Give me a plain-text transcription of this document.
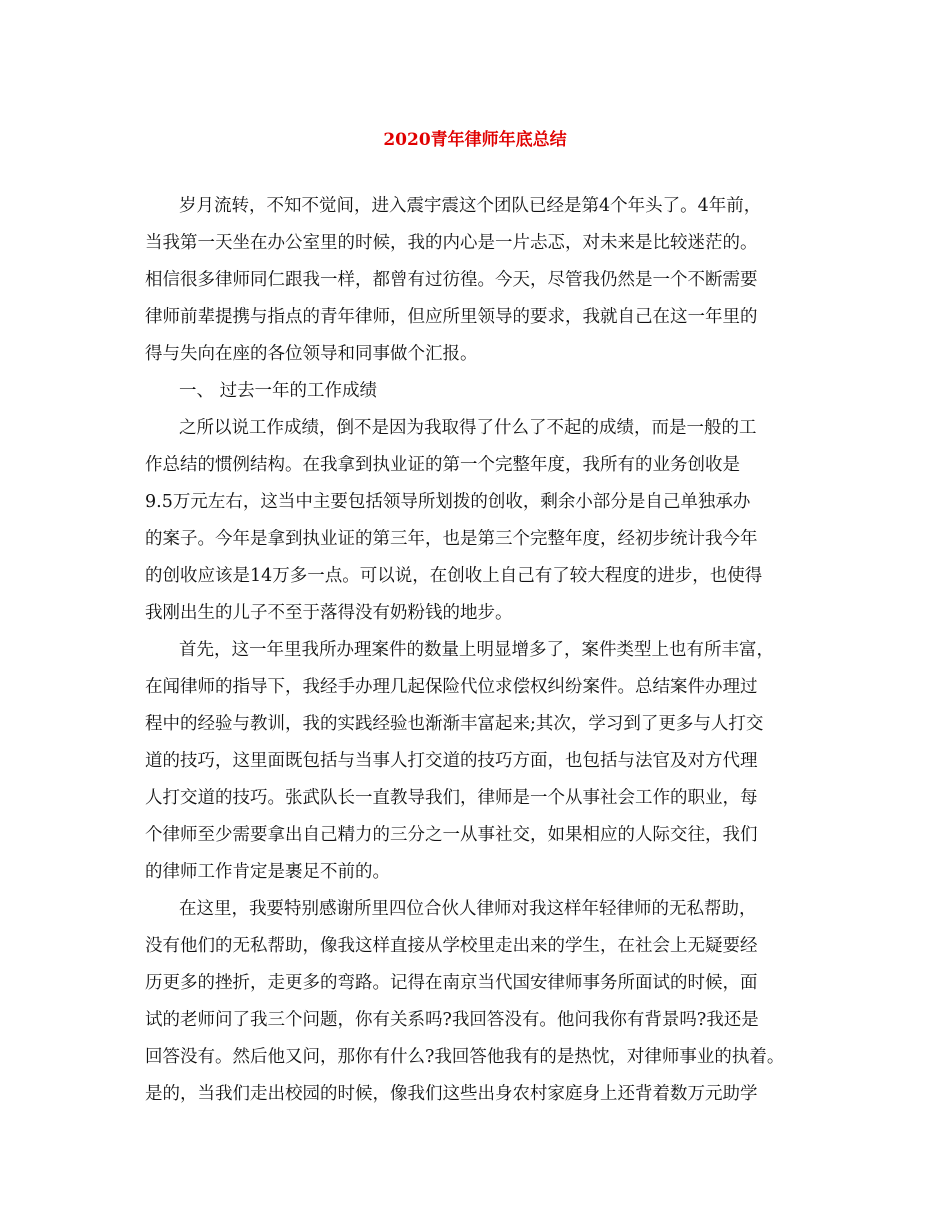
2020青年律师年底总结
岁月流转，不知不觉间，进入震宇震这个团队已经是第4个年头了。4年前，
当我第一天坐在办公室里的时候，我的内心是一片忐忑，对未来是比较迷茫的。
相信很多律师同仁跟我一样，都曾有过彷徨。今天，尽管我仍然是一个不断需要
律师前辈提携与指点的青年律师，但应所里领导的要求，我就自己在这一年里的
得与失向在座的各位领导和同事做个汇报。
一、 过去一年的工作成绩
之所以说工作成绩，倒不是因为我取得了什么了不起的成绩，而是一般的工
作总结的惯例结构。在我拿到执业证的第一个完整年度，我所有的业务创收是
9.5万元左右，这当中主要包括领导所划拨的创收，剩余小部分是自己单独承办
的案子。今年是拿到执业证的第三年，也是第三个完整年度，经初步统计我今年
的创收应该是14万多一点。可以说，在创收上自己有了较大程度的进步，也使得
我刚出生的儿子不至于落得没有奶粉钱的地步。
首先，这一年里我所办理案件的数量上明显增多了，案件类型上也有所丰富，
在闻律师的指导下，我经手办理几起保险代位求偿权纠纷案件。总结案件办理过
程中的经验与教训，我的实践经验也渐渐丰富起来;其次，学习到了更多与人打交
道的技巧，这里面既包括与当事人打交道的技巧方面，也包括与法官及对方代理
人打交道的技巧。张武队长一直教导我们，律师是一个从事社会工作的职业，每
个律师至少需要拿出自己精力的三分之一从事社交，如果相应的人际交往，我们
的律师工作肯定是裹足不前的。
在这里，我要特别感谢所里四位合伙人律师对我这样年轻律师的无私帮助，
没有他们的无私帮助，像我这样直接从学校里走出来的学生，在社会上无疑要经
历更多的挫折，走更多的弯路。记得在南京当代国安律师事务所面试的时候，面
试的老师问了我三个问题，你有关系吗?我回答没有。他问我你有背景吗?我还是
回答没有。然后他又问，那你有什么?我回答他我有的是热忱，对律师事业的执着。
是的，当我们走出校园的时候，像我们这些出身农村家庭身上还背着数万元助学
